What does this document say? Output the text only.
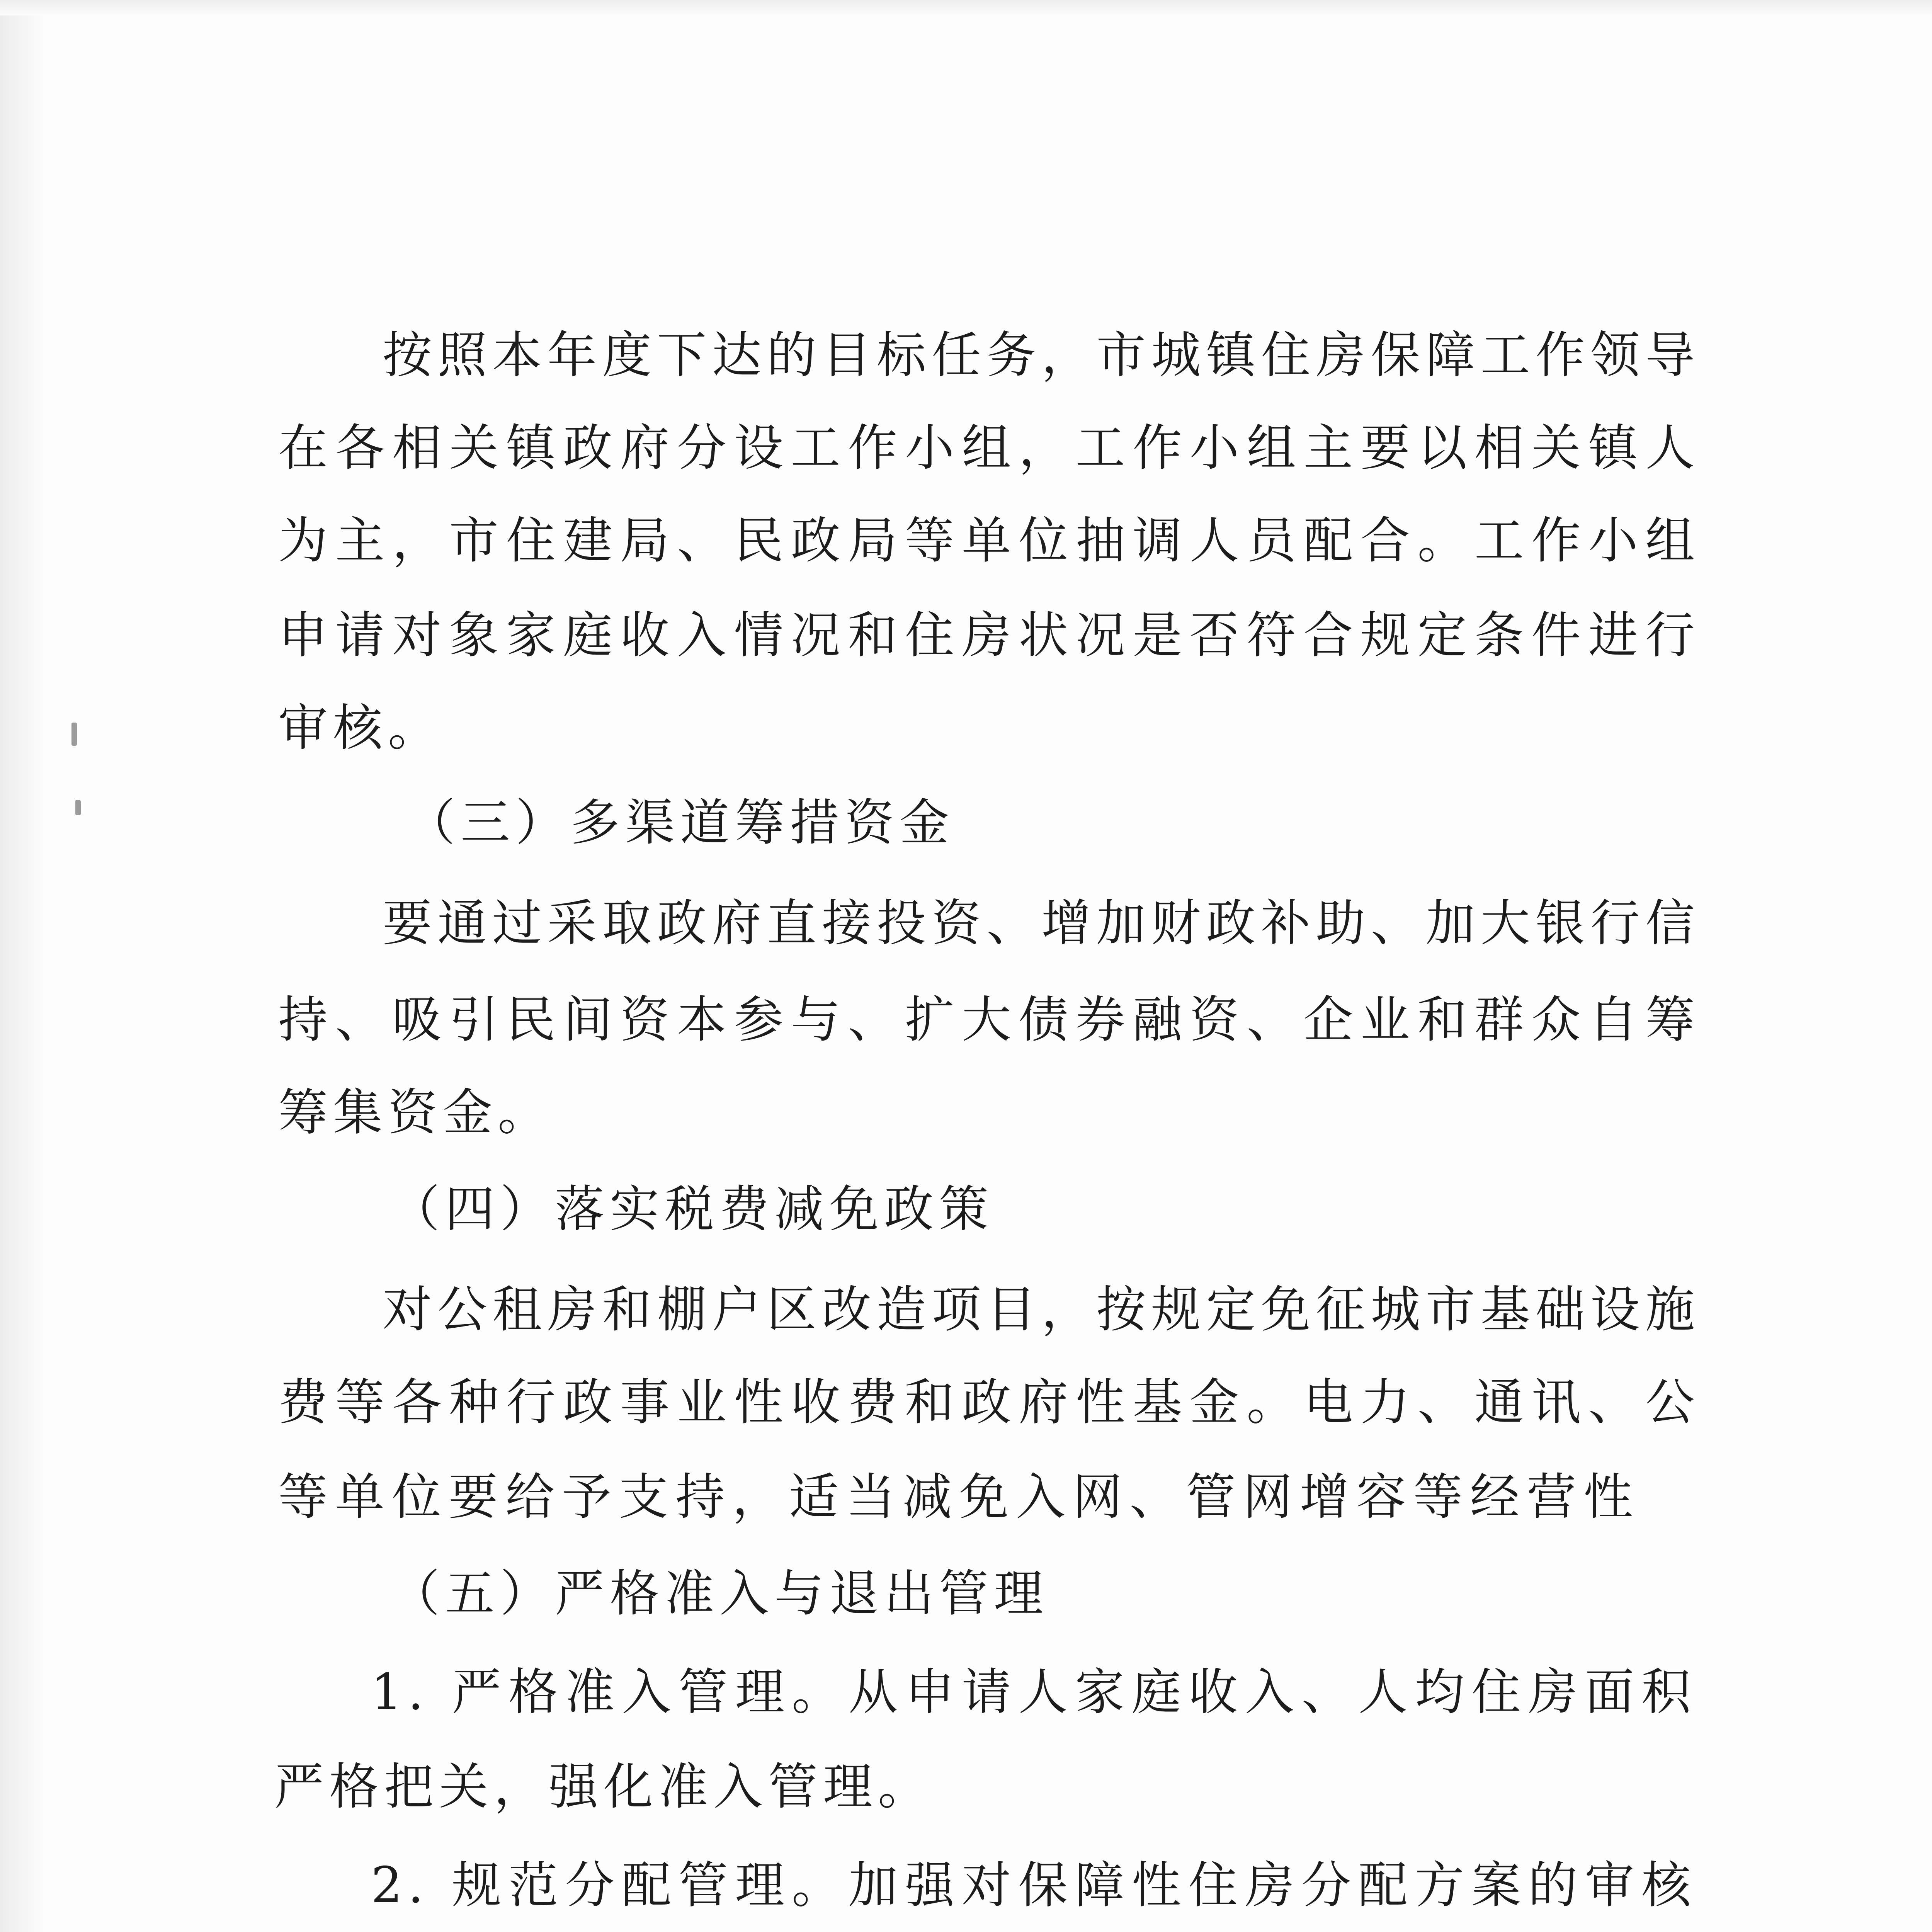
按照本年度下达的目标任务，市城镇住房保障工作领导
在各相关镇政府分设工作小组，工作小组主要以相关镇人
为主，市住建局、民政局等单位抽调人员配合。工作小组
申请对象家庭收入情况和住房状况是否符合规定条件进行
审核。
（三）多渠道筹措资金
要通过采取政府直接投资、增加财政补助、加大银行信
持、吸引民间资本参与、扩大债券融资、企业和群众自筹
筹集资金。
（四）落实税费减免政策
对公租房和棚户区改造项目，按规定免征城市基础设施
费等各种行政事业性收费和政府性基金。电力、通讯、公
等单位要给予支持，适当减免入网、管网增容等经营性
（五）严格准入与退出管理
1. 严格准入管理。从申请人家庭收入、人均住房面积
严格把关，强化准入管理。
2. 规范分配管理。加强对保障性住房分配方案的审核
